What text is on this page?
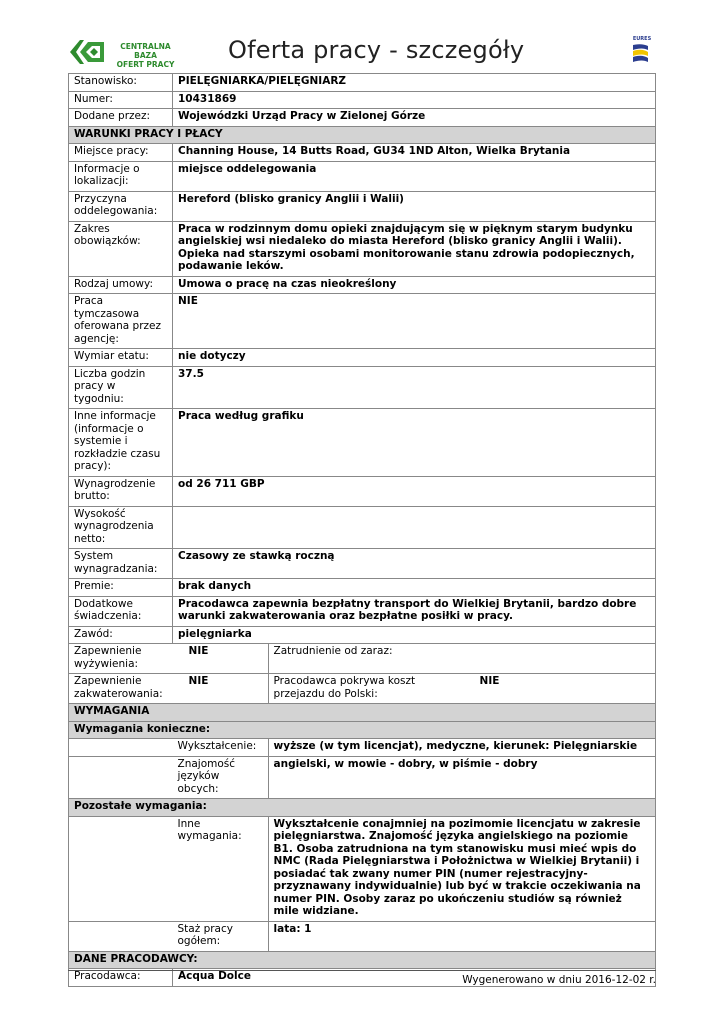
CENTRALNA BAZA
OFERT PRACY
Oferta pracy - szczegóły	EURES
Stanowisko:	PIELĘGNIARKA/PIELĘGNIARZ			
Numer:	10431869			
Dodane przez:	Wojewódzki Urząd Pracy w Zielonej Górze			
WARUNKI PRACY I PŁACY				
Miejsce pracy:	Channing House, 14 Butts Road, GU34 1ND Alton, Wielka Brytania			
Informacje o lokalizacji:	miejsce oddelegowania			
Przyczyna oddelegowania:	Hereford (blisko granicy Anglii i Walii)			
Zakres obowiązków:	Praca w rodzinnym domu opieki znajdującym się w pięknym starym budynku angielskiej wsi niedaleko do miasta Hereford (blisko granicy Anglii i Walii). Opieka nad starszymi osobami monitorowanie stanu zdrowia podopiecznych, podawanie leków.			
Rodzaj umowy:	Umowa o pracę na czas nieokreślony			
Praca tymczasowa oferowana przez agencję:	NIE			
Wymiar etatu:	nie dotyczy			
Liczba godzin pracy w tygodniu:	37.5			
Inne informacje (informacje o systemie i rozkładzie czasu pracy):	Praca według grafiku			
Wynagrodzenie brutto:	od 26 711 GBP			
Wysokość wynagrodzenia netto:				
System wynagradzania:	Czasowy ze stawką roczną			
Premie:	brak danych			
Dodatkowe świadczenia:	Pracodawca zapewnia bezpłatny transport do Wielkiej Brytanii, bardzo dobre warunki zakwaterowania oraz bezpłatne posiłki w pracy.			
Zawód:	pielęgniarka			
Zapewnienie wyżywienia:		NIE	Zatrudnienie od zaraz:	
Zapewnienie zakwaterowania:		NIE	Pracodawca pokrywa koszt przejazdu do Polski:	NIE
WYMAGANIA				
Wymagania konieczne:				
	Wykształcenie:		wyższe (w tym licencjat), medyczne, kierunek: Pielęgniarskie	
	Znajomość języków obcych:		angielski, w mowie - dobry, w piśmie - dobry	
Pozostałe wymagania:				
	Inne wymagania:		Wykształcenie conajmniej na pozimomie licencjatu w zakresie pielęgniarstwa. Znajomość języka angielskiego na poziomie B1. Osoba zatrudniona na tym stanowisku musi mieć wpis do NMC (Rada Pielęgniarstwa i Położnictwa w Wielkiej Brytanii) i posiadać tak zwany numer PIN (numer rejestracyjny-przyznawany indywidualnie) lub być w trakcie oczekiwania na numer PIN. Osoby zaraz po ukończeniu studiów są również mile widziane.	
	Staż pracy ogółem:		lata: 1	
DANE PRACODAWCY:				
Pracodawca:	Acqua Dolce				Wygenerowano w dniu 2016-12-02 r.
